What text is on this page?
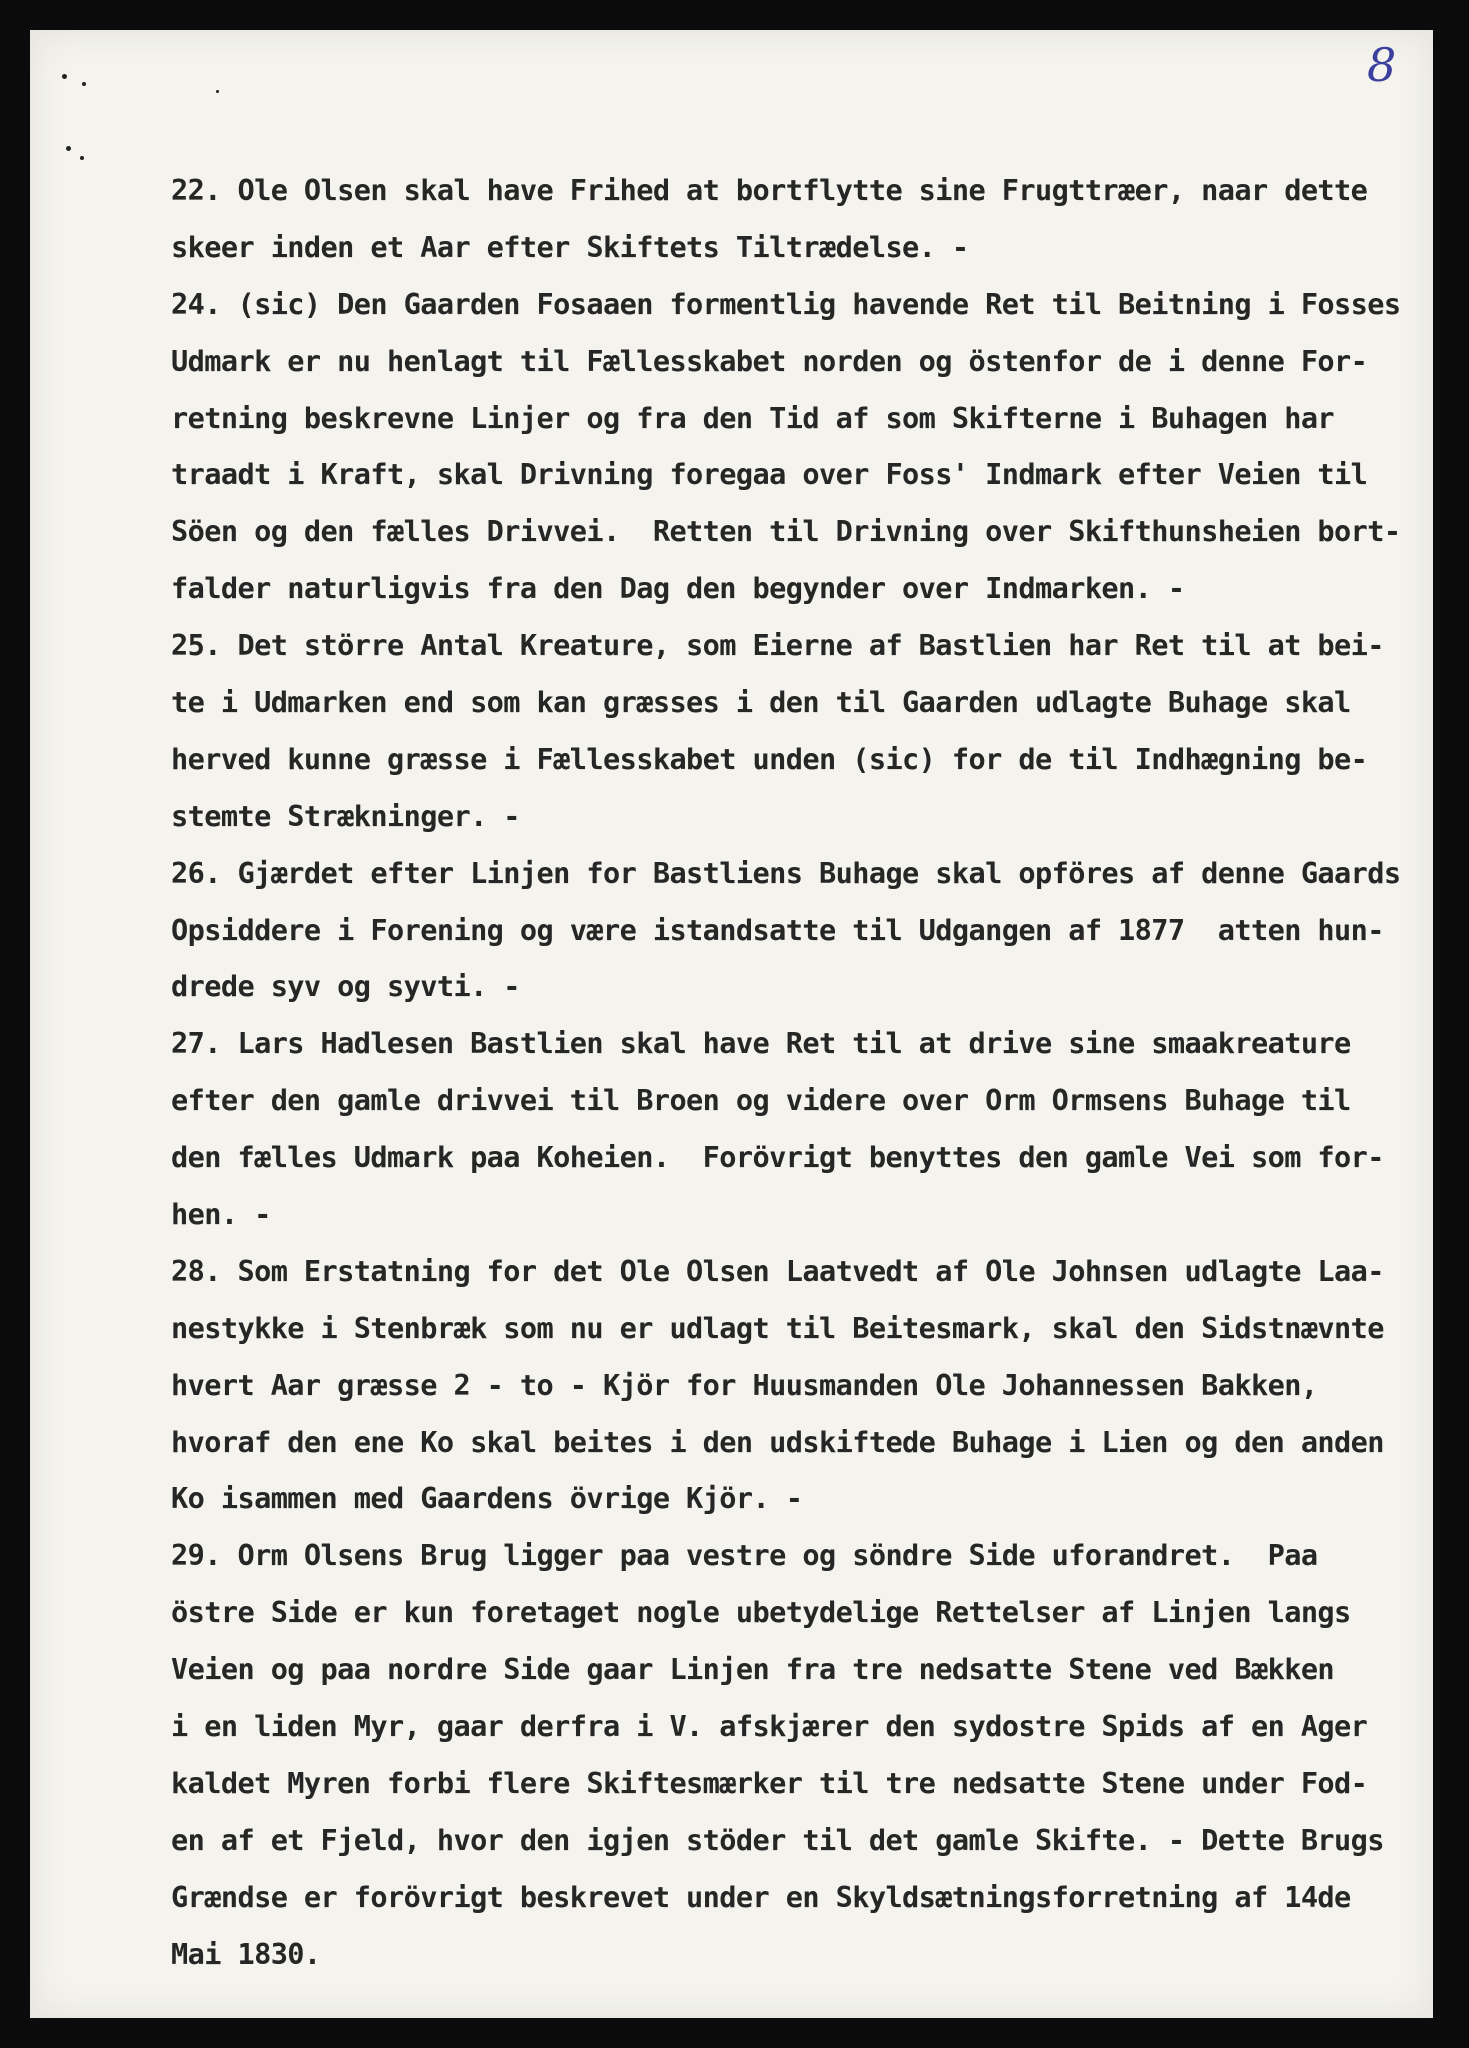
8
22. Ole Olsen skal have Frihed at bortflytte sine Frugttræer, naar dette
skeer inden et Aar efter Skiftets Tiltrædelse. -
24. (sic) Den Gaarden Fosaaen formentlig havende Ret til Beitning i Fosses
Udmark er nu henlagt til Fællesskabet norden og östenfor de i denne For-
retning beskrevne Linjer og fra den Tid af som Skifterne i Buhagen har
traadt i Kraft, skal Drivning foregaa over Foss' Indmark efter Veien til
Söen og den fælles Drivvei.  Retten til Drivning over Skifthunsheien bort-
falder naturligvis fra den Dag den begynder over Indmarken. -
25. Det större Antal Kreature, som Eierne af Bastlien har Ret til at bei-
te i Udmarken end som kan græsses i den til Gaarden udlagte Buhage skal
herved kunne græsse i Fællesskabet unden (sic) for de til Indhægning be-
stemte Strækninger. -
26. Gjærdet efter Linjen for Bastliens Buhage skal opföres af denne Gaards
Opsiddere i Forening og være istandsatte til Udgangen af 1877  atten hun-
drede syv og syvti. -
27. Lars Hadlesen Bastlien skal have Ret til at drive sine smaakreature
efter den gamle drivvei til Broen og videre over Orm Ormsens Buhage til
den fælles Udmark paa Koheien.  Forövrigt benyttes den gamle Vei som for-
hen. -
28. Som Erstatning for det Ole Olsen Laatvedt af Ole Johnsen udlagte Laa-
nestykke i Stenbræk som nu er udlagt til Beitesmark, skal den Sidstnævnte
hvert Aar græsse 2 - to - Kjör for Huusmanden Ole Johannessen Bakken,
hvoraf den ene Ko skal beites i den udskiftede Buhage i Lien og den anden
Ko isammen med Gaardens övrige Kjör. -
29. Orm Olsens Brug ligger paa vestre og söndre Side uforandret.  Paa
östre Side er kun foretaget nogle ubetydelige Rettelser af Linjen langs
Veien og paa nordre Side gaar Linjen fra tre nedsatte Stene ved Bækken
i en liden Myr, gaar derfra i V. afskjærer den sydostre Spids af en Ager
kaldet Myren forbi flere Skiftesmærker til tre nedsatte Stene under Fod-
en af et Fjeld, hvor den igjen stöder til det gamle Skifte. - Dette Brugs
Grændse er forövrigt beskrevet under en Skyldsætningsforretning af 14de
Mai 1830.
